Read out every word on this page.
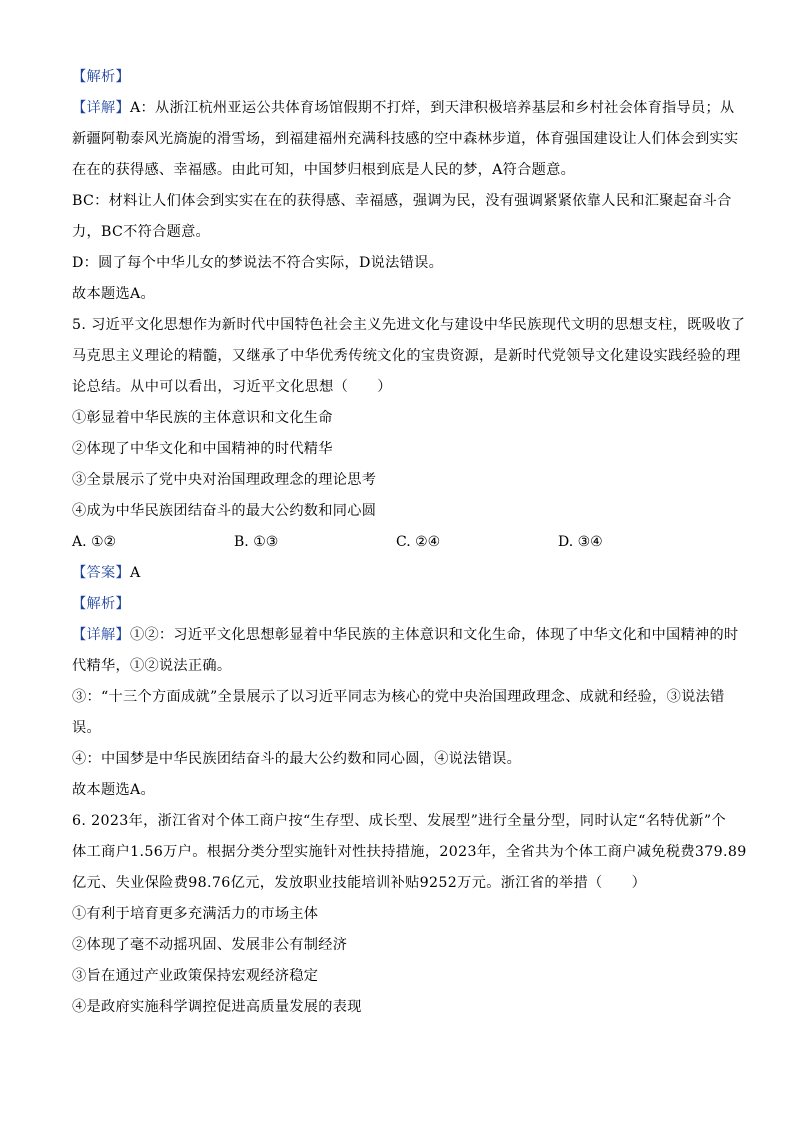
【解析】
【详解】A：从浙江杭州亚运公共体育场馆假期不打烊，到天津积极培养基层和乡村社会体育指导员；从
新疆阿勒泰风光旖旎的滑雪场，到福建福州充满科技感的空中森林步道，体育强国建设让人们体会到实实
在在的获得感、幸福感。由此可知，中国梦归根到底是人民的梦，A符合题意。
BC：材料让人们体会到实实在在的获得感、幸福感，强调为民，没有强调紧紧依靠人民和汇聚起奋斗合
力，BC不符合题意。
D：圆了每个中华儿女的梦说法不符合实际，D说法错误。
故本题选A。
5. 习近平文化思想作为新时代中国特色社会主义先进文化与建设中华民族现代文明的思想支柱，既吸收了
马克思主义理论的精髓，又继承了中华优秀传统文化的宝贵资源，是新时代党领导文化建设实践经验的理
论总结。从中可以看出，习近平文化思想（　　）
①彰显着中华民族的主体意识和文化生命
②体现了中华文化和中国精神的时代精华
③全景展示了党中央对治国理政理念的理论思考
④成为中华民族团结奋斗的最大公约数和同心圆
A. ①②	B. ①③	C. ②④	D. ③④
【答案】A
【解析】
【详解】①②：习近平文化思想彰显着中华民族的主体意识和文化生命，体现了中华文化和中国精神的时
代精华，①②说法正确。
③：“十三个方面成就”全景展示了以习近平同志为核心的党中央治国理政理念、成就和经验，③说法错
误。
④：中国梦是中华民族团结奋斗的最大公约数和同心圆，④说法错误。
故本题选A。
6. 2023年，浙江省对个体工商户按“生存型、成长型、发展型”进行全量分型，同时认定“名特优新”个
体工商户1.56万户。根据分类分型实施针对性扶持措施，2023年，全省共为个体工商户减免税费379.89
亿元、失业保险费98.76亿元，发放职业技能培训补贴9252万元。浙江省的举措（　　）
①有利于培育更多充满活力的市场主体
②体现了毫不动摇巩固、发展非公有制经济
③旨在通过产业政策保持宏观经济稳定
④是政府实施科学调控促进高质量发展的表现
